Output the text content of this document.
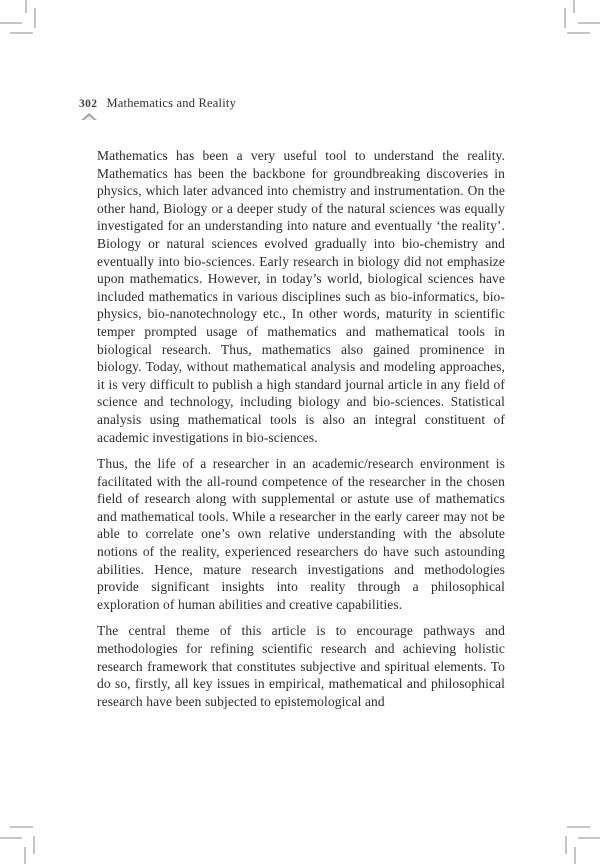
302 Mathematics and Reality

Mathematics has been a very useful tool to understand the reality. Mathematics has been the backbone for groundbreaking discoveries in physics, which later advanced into chemistry and instrumentation. On the other hand, Biology or a deeper study of the natural sciences was equally investigated for an understanding into nature and eventually ‘the reality’. Biology or natural sciences evolved gradually into bio-chemistry and eventually into bio-sciences. Early research in biology did not emphasize upon mathematics. However, in today’s world, biological sciences have included mathematics in various disciplines such as bio-informatics, bio-physics, bio-nanotechnology etc., In other words, maturity in scientific temper prompted usage of mathematics and mathematical tools in biological research. Thus, mathematics also gained prominence in biology. Today, without mathematical analysis and modeling approaches, it is very difficult to publish a high standard journal article in any field of science and technology, including biology and bio-sciences. Statistical analysis using mathematical tools is also an integral constituent of academic investigations in bio-sciences.

Thus, the life of a researcher in an academic/research environment is facilitated with the all-round competence of the researcher in the chosen field of research along with supplemental or astute use of mathematics and mathematical tools. While a researcher in the early career may not be able to correlate one’s own relative understanding with the absolute notions of the reality, experienced researchers do have such astounding abilities. Hence, mature research investigations and methodologies provide significant insights into reality through a philosophical exploration of human abilities and creative capabilities.

The central theme of this article is to encourage pathways and methodologies for refining scientific research and achieving holistic research framework that constitutes subjective and spiritual elements. To do so, firstly, all key issues in empirical, mathematical and philosophical research have been subjected to epistemological and
